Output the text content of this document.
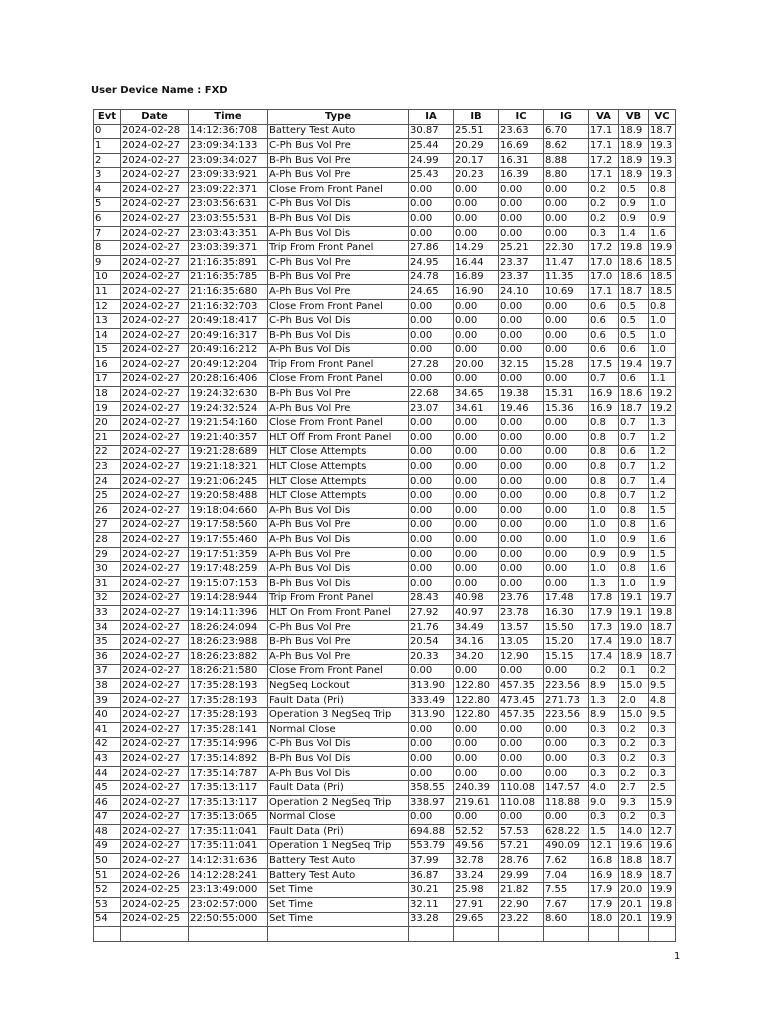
User Device Name : FXD
Evt	Date	Time	Type	IA	IB	IC	IG	VA	VB	VC
0	2024-02-28	14:12:36:708	Battery Test Auto	30.87	25.51	23.63	6.70	17.1	18.9	18.7
1	2024-02-27	23:09:34:133	C-Ph Bus Vol Pre	25.44	20.29	16.69	8.62	17.1	18.9	19.3
2	2024-02-27	23:09:34:027	B-Ph Bus Vol Pre	24.99	20.17	16.31	8.88	17.2	18.9	19.3
3	2024-02-27	23:09:33:921	A-Ph Bus Vol Pre	25.43	20.23	16.39	8.80	17.1	18.9	19.3
4	2024-02-27	23:09:22:371	Close From Front Panel	0.00	0.00	0.00	0.00	0.2	0.5	0.8
5	2024-02-27	23:03:56:631	C-Ph Bus Vol Dis	0.00	0.00	0.00	0.00	0.2	0.9	1.0
6	2024-02-27	23:03:55:531	B-Ph Bus Vol Dis	0.00	0.00	0.00	0.00	0.2	0.9	0.9
7	2024-02-27	23:03:43:351	A-Ph Bus Vol Dis	0.00	0.00	0.00	0.00	0.3	1.4	1.6
8	2024-02-27	23:03:39:371	Trip From Front Panel	27.86	14.29	25.21	22.30	17.2	19.8	19.9
9	2024-02-27	21:16:35:891	C-Ph Bus Vol Pre	24.95	16.44	23.37	11.47	17.0	18.6	18.5
10	2024-02-27	21:16:35:785	B-Ph Bus Vol Pre	24.78	16.89	23.37	11.35	17.0	18.6	18.5
11	2024-02-27	21:16:35:680	A-Ph Bus Vol Pre	24.65	16.90	24.10	10.69	17.1	18.7	18.5
12	2024-02-27	21:16:32:703	Close From Front Panel	0.00	0.00	0.00	0.00	0.6	0.5	0.8
13	2024-02-27	20:49:18:417	C-Ph Bus Vol Dis	0.00	0.00	0.00	0.00	0.6	0.5	1.0
14	2024-02-27	20:49:16:317	B-Ph Bus Vol Dis	0.00	0.00	0.00	0.00	0.6	0.5	1.0
15	2024-02-27	20:49:16:212	A-Ph Bus Vol Dis	0.00	0.00	0.00	0.00	0.6	0.6	1.0
16	2024-02-27	20:49:12:204	Trip From Front Panel	27.28	20.00	32.15	15.28	17.5	19.4	19.7
17	2024-02-27	20:28:16:406	Close From Front Panel	0.00	0.00	0.00	0.00	0.7	0.6	1.1
18	2024-02-27	19:24:32:630	B-Ph Bus Vol Pre	22.68	34.65	19.38	15.31	16.9	18.6	19.2
19	2024-02-27	19:24:32:524	A-Ph Bus Vol Pre	23.07	34.61	19.46	15.36	16.9	18.7	19.2
20	2024-02-27	19:21:54:160	Close From Front Panel	0.00	0.00	0.00	0.00	0.8	0.7	1.3
21	2024-02-27	19:21:40:357	HLT Off From Front Panel	0.00	0.00	0.00	0.00	0.8	0.7	1.2
22	2024-02-27	19:21:28:689	HLT Close Attempts	0.00	0.00	0.00	0.00	0.8	0.6	1.2
23	2024-02-27	19:21:18:321	HLT Close Attempts	0.00	0.00	0.00	0.00	0.8	0.7	1.2
24	2024-02-27	19:21:06:245	HLT Close Attempts	0.00	0.00	0.00	0.00	0.8	0.7	1.4
25	2024-02-27	19:20:58:488	HLT Close Attempts	0.00	0.00	0.00	0.00	0.8	0.7	1.2
26	2024-02-27	19:18:04:660	A-Ph Bus Vol Dis	0.00	0.00	0.00	0.00	1.0	0.8	1.5
27	2024-02-27	19:17:58:560	A-Ph Bus Vol Pre	0.00	0.00	0.00	0.00	1.0	0.8	1.6
28	2024-02-27	19:17:55:460	A-Ph Bus Vol Dis	0.00	0.00	0.00	0.00	1.0	0.9	1.6
29	2024-02-27	19:17:51:359	A-Ph Bus Vol Pre	0.00	0.00	0.00	0.00	0.9	0.9	1.5
30	2024-02-27	19:17:48:259	A-Ph Bus Vol Dis	0.00	0.00	0.00	0.00	1.0	0.8	1.6
31	2024-02-27	19:15:07:153	B-Ph Bus Vol Dis	0.00	0.00	0.00	0.00	1.3	1.0	1.9
32	2024-02-27	19:14:28:944	Trip From Front Panel	28.43	40.98	23.76	17.48	17.8	19.1	19.7
33	2024-02-27	19:14:11:396	HLT On From Front Panel	27.92	40.97	23.78	16.30	17.9	19.1	19.8
34	2024-02-27	18:26:24:094	C-Ph Bus Vol Pre	21.76	34.49	13.57	15.50	17.3	19.0	18.7
35	2024-02-27	18:26:23:988	B-Ph Bus Vol Pre	20.54	34.16	13.05	15.20	17.4	19.0	18.7
36	2024-02-27	18:26:23:882	A-Ph Bus Vol Pre	20.33	34.20	12.90	15.15	17.4	18.9	18.7
37	2024-02-27	18:26:21:580	Close From Front Panel	0.00	0.00	0.00	0.00	0.2	0.1	0.2
38	2024-02-27	17:35:28:193	NegSeq Lockout	313.90	122.80	457.35	223.56	8.9	15.0	9.5
39	2024-02-27	17:35:28:193	Fault Data (Pri)	333.49	122.80	473.45	271.73	1.3	2.0	4.8
40	2024-02-27	17:35:28:193	Operation 3 NegSeq Trip	313.90	122.80	457.35	223.56	8.9	15.0	9.5
41	2024-02-27	17:35:28:141	Normal Close	0.00	0.00	0.00	0.00	0.3	0.2	0.3
42	2024-02-27	17:35:14:996	C-Ph Bus Vol Dis	0.00	0.00	0.00	0.00	0.3	0.2	0.3
43	2024-02-27	17:35:14:892	B-Ph Bus Vol Dis	0.00	0.00	0.00	0.00	0.3	0.2	0.3
44	2024-02-27	17:35:14:787	A-Ph Bus Vol Dis	0.00	0.00	0.00	0.00	0.3	0.2	0.3
45	2024-02-27	17:35:13:117	Fault Data (Pri)	358.55	240.39	110.08	147.57	4.0	2.7	2.5
46	2024-02-27	17:35:13:117	Operation 2 NegSeq Trip	338.97	219.61	110.08	118.88	9.0	9.3	15.9
47	2024-02-27	17:35:13:065	Normal Close	0.00	0.00	0.00	0.00	0.3	0.2	0.3
48	2024-02-27	17:35:11:041	Fault Data (Pri)	694.88	52.52	57.53	628.22	1.5	14.0	12.7
49	2024-02-27	17:35:11:041	Operation 1 NegSeq Trip	553.79	49.56	57.21	490.09	12.1	19.6	19.6
50	2024-02-27	14:12:31:636	Battery Test Auto	37.99	32.78	28.76	7.62	16.8	18.8	18.7
51	2024-02-26	14:12:28:241	Battery Test Auto	36.87	33.24	29.99	7.04	16.9	18.9	18.7
52	2024-02-25	23:13:49:000	Set Time	30.21	25.98	21.82	7.55	17.9	20.0	19.9
53	2024-02-25	23:02:57:000	Set Time	32.11	27.91	22.90	7.67	17.9	20.1	19.8
54	2024-02-25	22:50:55:000	Set Time	33.28	29.65	23.22	8.60	18.0	20.1	19.9

1
